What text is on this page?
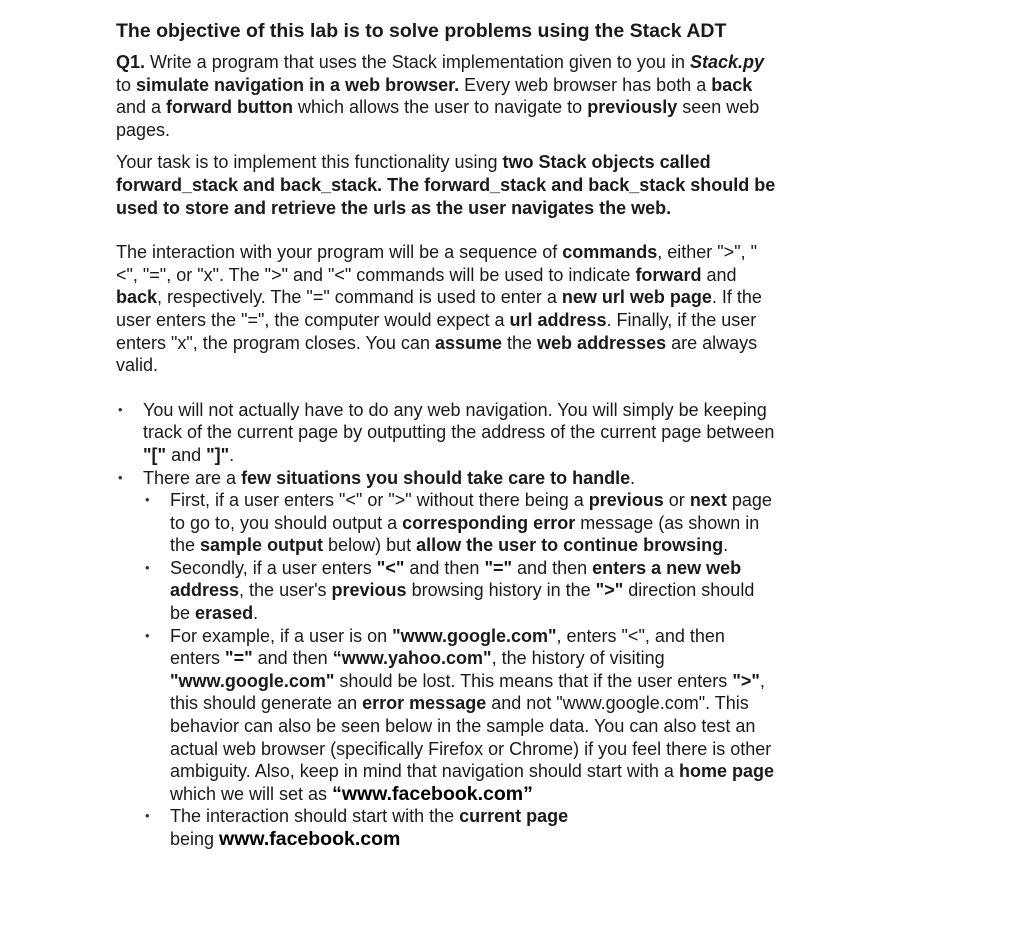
The objective of this lab is to solve problems using the Stack ADT

Q1. Write a program that uses the Stack implementation given to you in Stack.py to simulate navigation in a web browser. Every web browser has both a back and a forward button which allows the user to navigate to previously seen web pages.

Your task is to implement this functionality using two Stack objects called forward_stack and back_stack. The forward_stack and back_stack should be used to store and retrieve the urls as the user navigates the web.

The interaction with your program will be a sequence of commands, either ">", "<", "=", or "x". The ">" and "<" commands will be used to indicate forward and back, respectively. The "=" command is used to enter a new url web page. If the user enters the "=", the computer would expect a url address. Finally, if the user enters "x", the program closes. You can assume the web addresses are always valid.

• You will not actually have to do any web navigation. You will simply be keeping track of the current page by outputting the address of the current page between "[" and "]".
• There are a few situations you should take care to handle.
• First, if a user enters "<" or ">" without there being a previous or next page to go to, you should output a corresponding error message (as shown in the sample output below) but allow the user to continue browsing.
• Secondly, if a user enters "<" and then "=" and then enters a new web address, the user's previous browsing history in the ">" direction should be erased.
• For example, if a user is on "www.google.com", enters "<", and then enters "=" and then “www.yahoo.com", the history of visiting "www.google.com" should be lost. This means that if the user enters ">", this should generate an error message and not "www.google.com". This behavior can also be seen below in the sample data. You can also test an actual web browser (specifically Firefox or Chrome) if you feel there is other ambiguity. Also, keep in mind that navigation should start with a home page which we will set as “www.facebook.com”
• The interaction should start with the current page
being www.facebook.com
